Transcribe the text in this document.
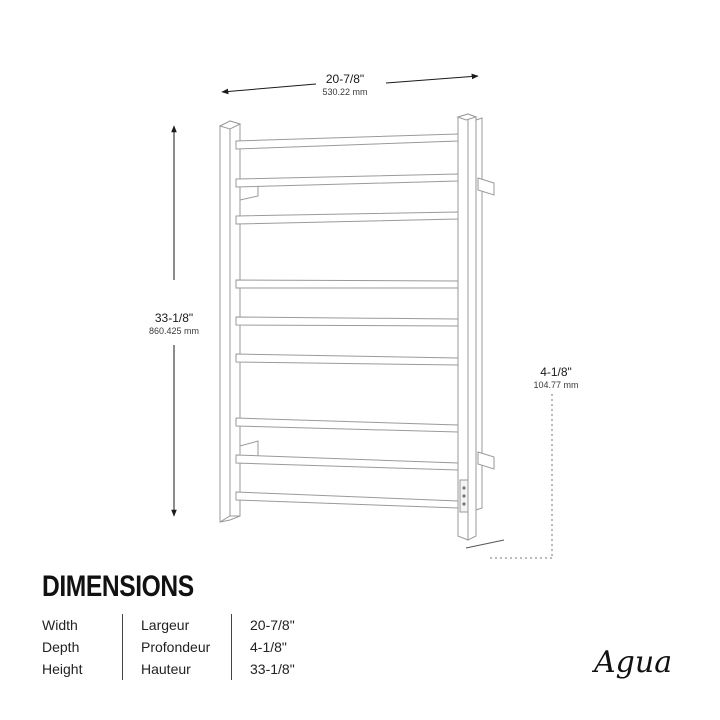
20-7/8"
530.22 mm
33-1/8"
860.425 mm
4-1/8"
104.77 mm
DIMENSIONS
Width	Largeur	20-7/8"
Depth	Profondeur	4-1/8"
Height	Hauteur	33-1/8"	Agua
